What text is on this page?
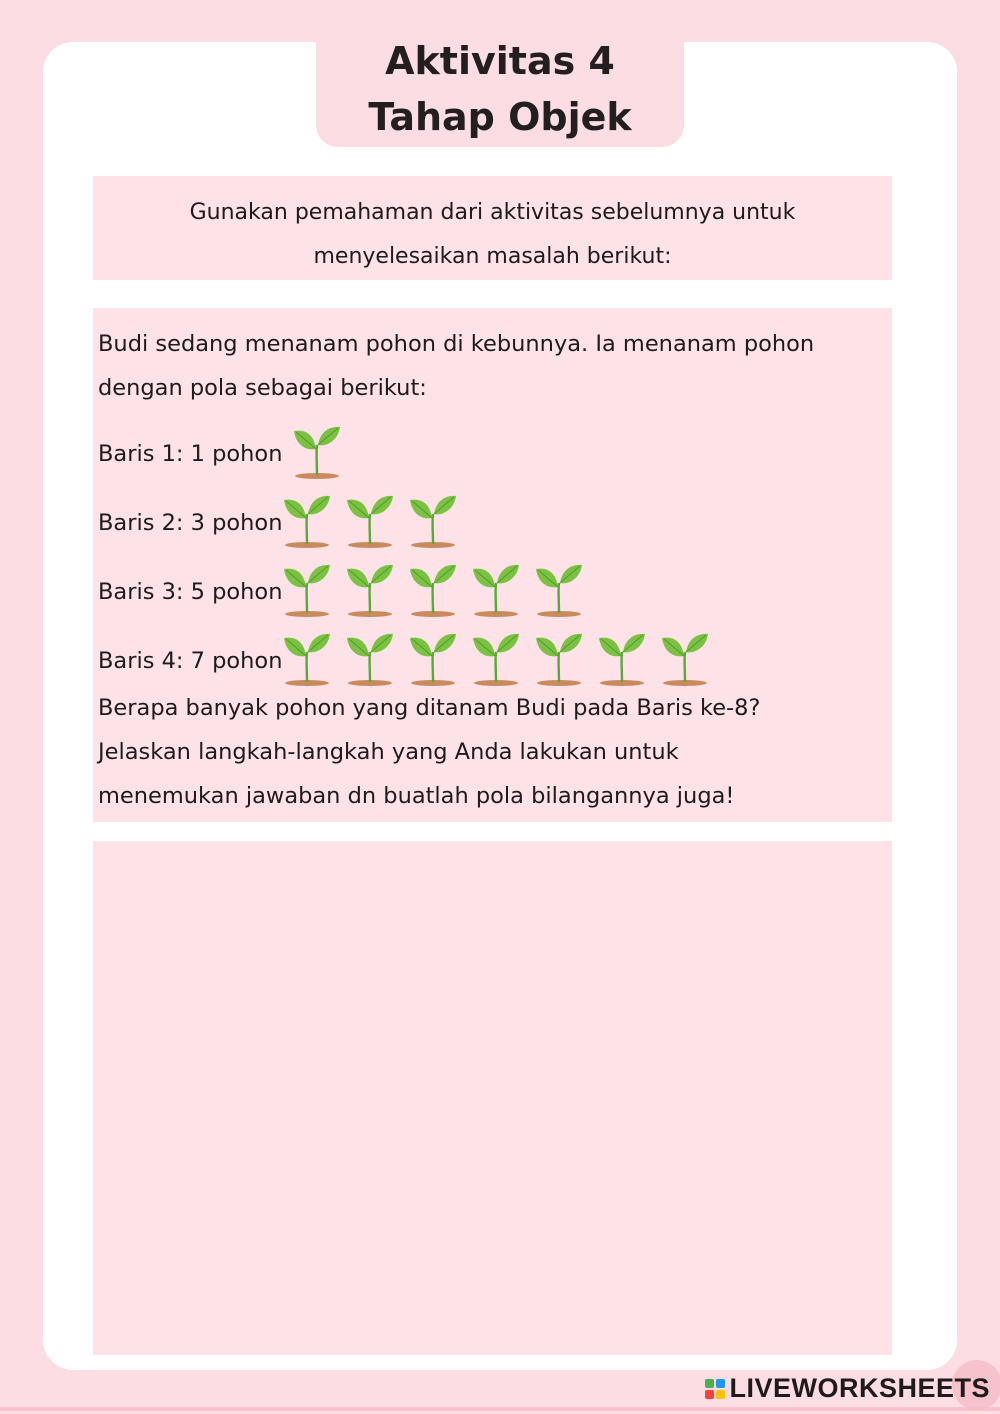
Aktivitas 4
Tahap Objek
Gunakan pemahaman dari aktivitas sebelumnya untuk
menyelesaikan masalah berikut:

Budi sedang menanam pohon di kebunnya. Ia menanam pohon

dengan pola sebagai berikut:

Baris 1: 1 pohon
Baris 2: 3 pohon
Baris 3: 5 pohon
Baris 4: 7 pohon

Berapa banyak pohon yang ditanam Budi pada Baris ke-8?

Jelaskan langkah-langkah yang Anda lakukan untuk

menemukan jawaban dn buatlah pola bilangannya juga!

LIVEWORKSHEETS
